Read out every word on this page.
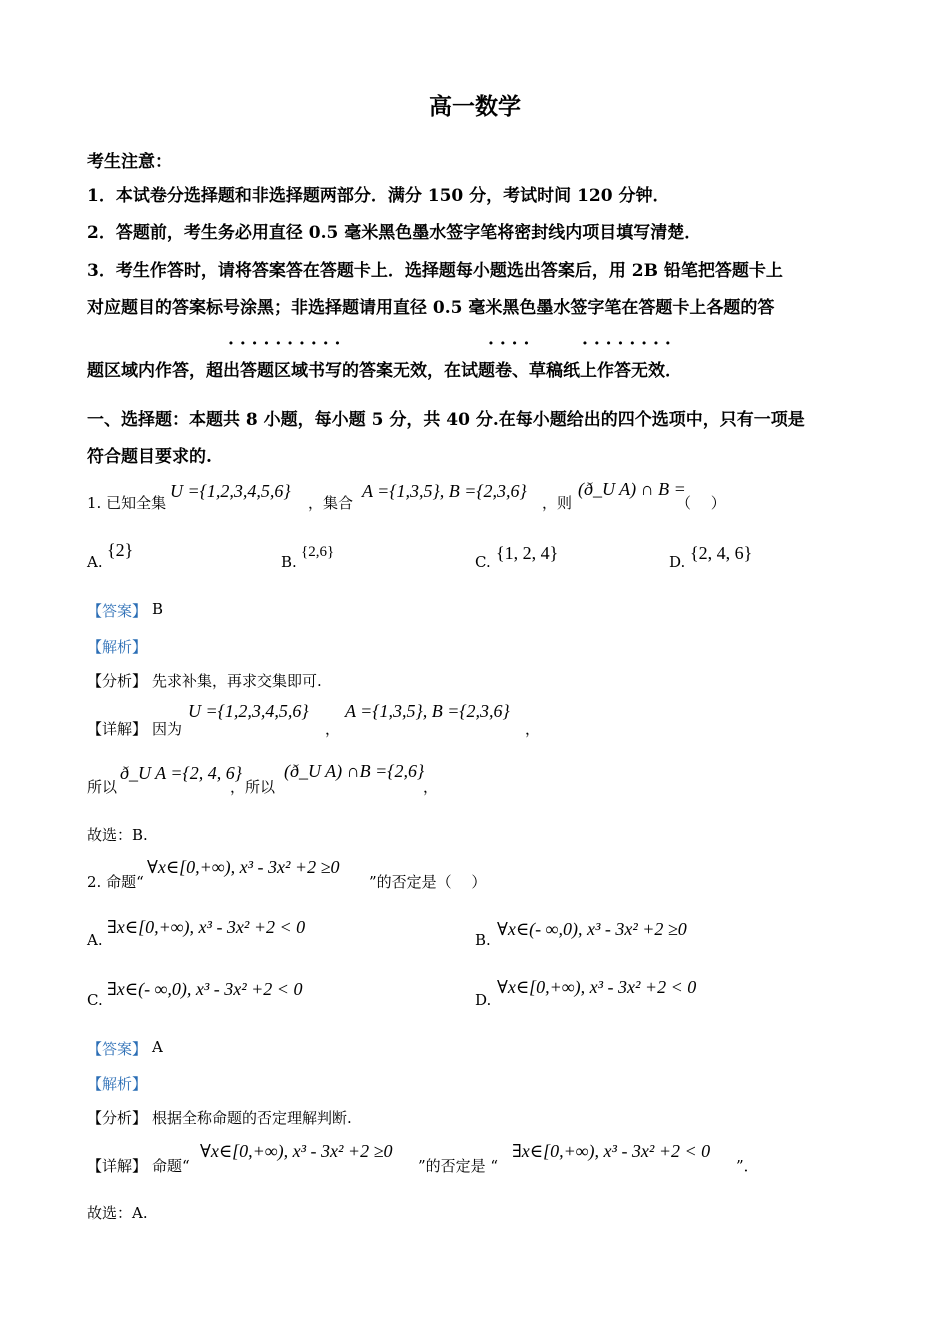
高一数学
考生注意：
1．本试卷分选择题和非选择题两部分．满分 150 分，考试时间 120 分钟．
2．答题前，考生务必用直径 0.5 毫米黑色墨水签字笔将密封线内项目填写清楚．
3．考生作答时，请将答案答在答题卡上．选择题每小题选出答案后，用 2B 铅笔把答题卡上
对应题目的答案标号涂黑；非选择题请用直径 0.5 毫米黑色墨水签字笔在答题卡上各题的答
· · · · · · · · · ·	· · · ·	· · · · · · · ·
题区域内作答，超出答题区域书写的答案无效，在试题卷、草稿纸上作答无效．
一、选择题：本题共 8 小题，每小题 5 分，共 40 分.在每小题给出的四个选项中，只有一项是
符合题目要求的.
1. 已知全集
U ={1,2,3,4,5,6}
，集合
A ={1,3,5}, B ={2,3,6}
，则
(ð_U A) ∩ B =
（　 ）
A.
{2}
B.
{2,6}
C. {1, 2, 4}	D. {2, 4, 6}
【答案】 B
【解析】
【分析】 先求补集，再求交集即可.
【详解】 因为
U ={1,2,3,4,5,6}
，
A ={1,3,5}, B ={2,3,6}
，
所以
ð_U A ={2, 4, 6}
，所以
(ð_U A) ∩B ={2,6}
，
故选：B.
2. 命题“
∀x∈[0,+∞), x³ - 3x² +2 ≥0
”的否定是（　 ）
A.
∃x∈[0,+∞), x³ - 3x² +2 < 0
B.
∀x∈(- ∞,0), x³ - 3x² +2 ≥0
C.
∃x∈(- ∞,0), x³ - 3x² +2 < 0
D.
∀x∈[0,+∞), x³ - 3x² +2 < 0
【答案】 A
【解析】
【分析】 根据全称命题的否定理解判断.
【详解】 命题“
∀x∈[0,+∞), x³ - 3x² +2 ≥0
”的否定是 “
∃x∈[0,+∞), x³ - 3x² +2 < 0
”．
故选：A.
